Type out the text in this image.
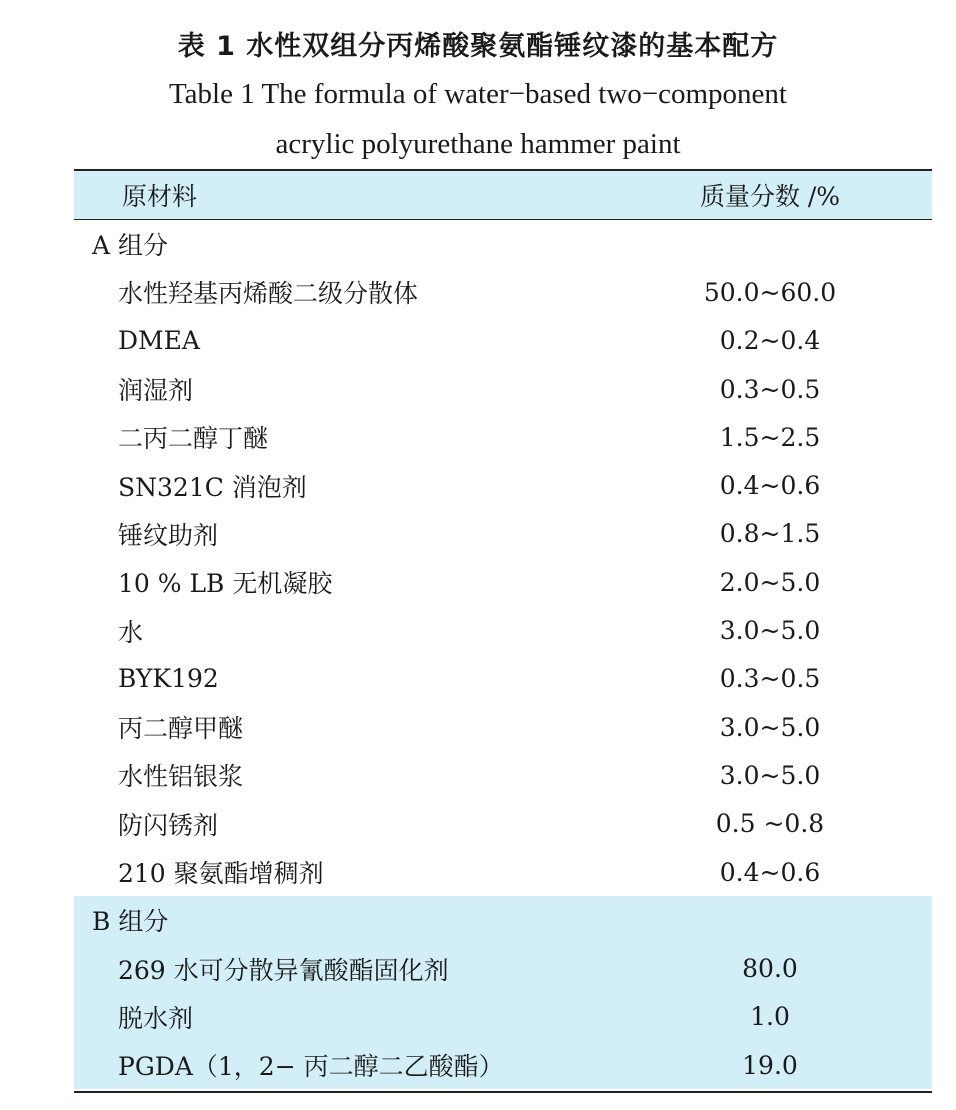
表 1 水性双组分丙烯酸聚氨酯锤纹漆的基本配方
Table 1 The formula of water−based two−component
acrylic polyurethane hammer paint
原材料	质量分数 /%
A 组分
水性羟基丙烯酸二级分散体	50.0~60.0
DMEA	0.2~0.4
润湿剂	0.3~0.5
二丙二醇丁醚	1.5~2.5
SN321C 消泡剂	0.4~0.6
锤纹助剂	0.8~1.5
10 % LB 无机凝胶	2.0~5.0
水	3.0~5.0
BYK192	0.3~0.5
丙二醇甲醚	3.0~5.0
水性铝银浆	3.0~5.0
防闪锈剂	0.5 ~0.8
210 聚氨酯增稠剂	0.4~0.6
B 组分
269 水可分散异氰酸酯固化剂	80.0
脱水剂	1.0
PGDA（1，2− 丙二醇二乙酸酯）	19.0
